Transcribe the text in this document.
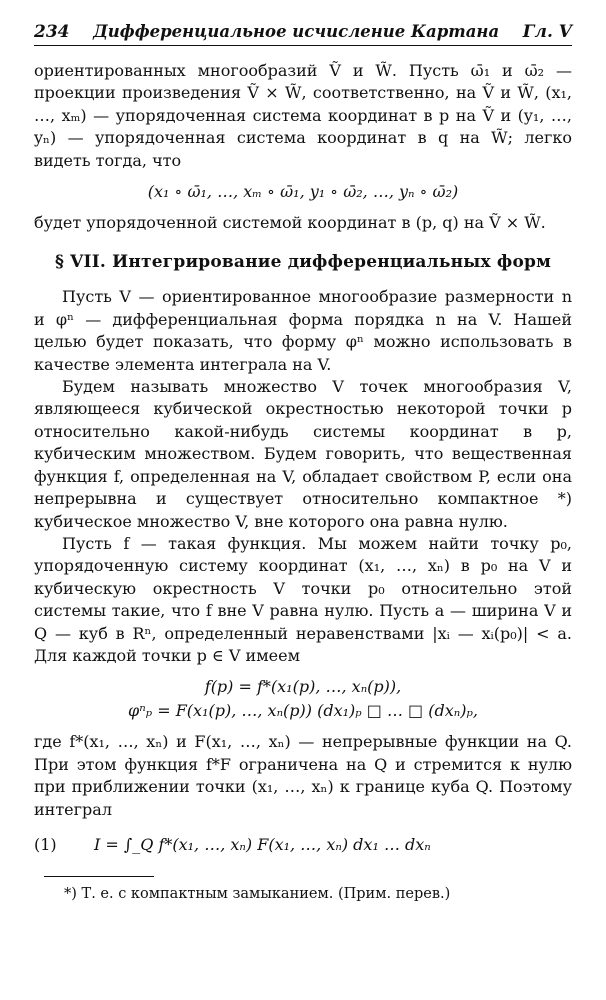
234 Дифференциальное исчисление Картана Гл. V

ориентированных многообразий Ṽ и W̃. Пусть ω̄₁ и ω̄₂ — проекции произведения Ṽ × W̃, соответственно, на Ṽ и W̃, (x₁, …, xₘ) — упорядоченная система координат в p на Ṽ и (y₁, …, yₙ) — упорядоченная система координат в q на W̃; легко видеть тогда, что

(x₁ ∘ ω̄₁, …, xₘ ∘ ω̄₁, y₁ ∘ ω̄₂, …, yₙ ∘ ω̄₂)

будет упорядоченной системой координат в (p, q) на Ṽ × W̃.

§ VII. Интегрирование дифференциальных форм

Пусть V — ориентированное многообразие размерности n и φⁿ — дифференциальная форма порядка n на V. Нашей целью будет показать, что форму φⁿ можно использовать в качестве элемента интеграла на V.

Будем называть множество V точек многообразия V, являющееся кубической окрестностью некоторой точки p относительно какой-нибудь системы координат в p, кубическим множеством. Будем говорить, что вещественная функция f, определенная на V, обладает свойством P, если она непрерывна и существует относительно компактное *) кубическое множество V, вне которого она равна нулю.

Пусть f — такая функция. Мы можем найти точку p₀, упорядоченную систему координат (x₁, …, xₙ) в p₀ на V и кубическую окрестность V точки p₀ относительно этой системы такие, что f вне V равна нулю. Пусть a — ширина V и Q — куб в Rⁿ, определенный неравенствами |xᵢ — xᵢ(p₀)| < a. Для каждой точки p ∈ V имеем

f(p) = f*(x₁(p), …, xₙ(p)),
φⁿₚ = F(x₁(p), …, xₙ(p)) (dx₁)ₚ □ … □ (dxₙ)ₚ,

где f*(x₁, …, xₙ) и F(x₁, …, xₙ) — непрерывные функции на Q. При этом функция f*F ограничена на Q и стремится к нулю при приближении точки (x₁, …, xₙ) к границе куба Q. Поэтому интеграл

(1)	I = ∫_Q f*(x₁, …, xₙ) F(x₁, …, xₙ) dx₁ … dxₙ

*) Т. е. с компактным замыканием. (Прим. перев.)
